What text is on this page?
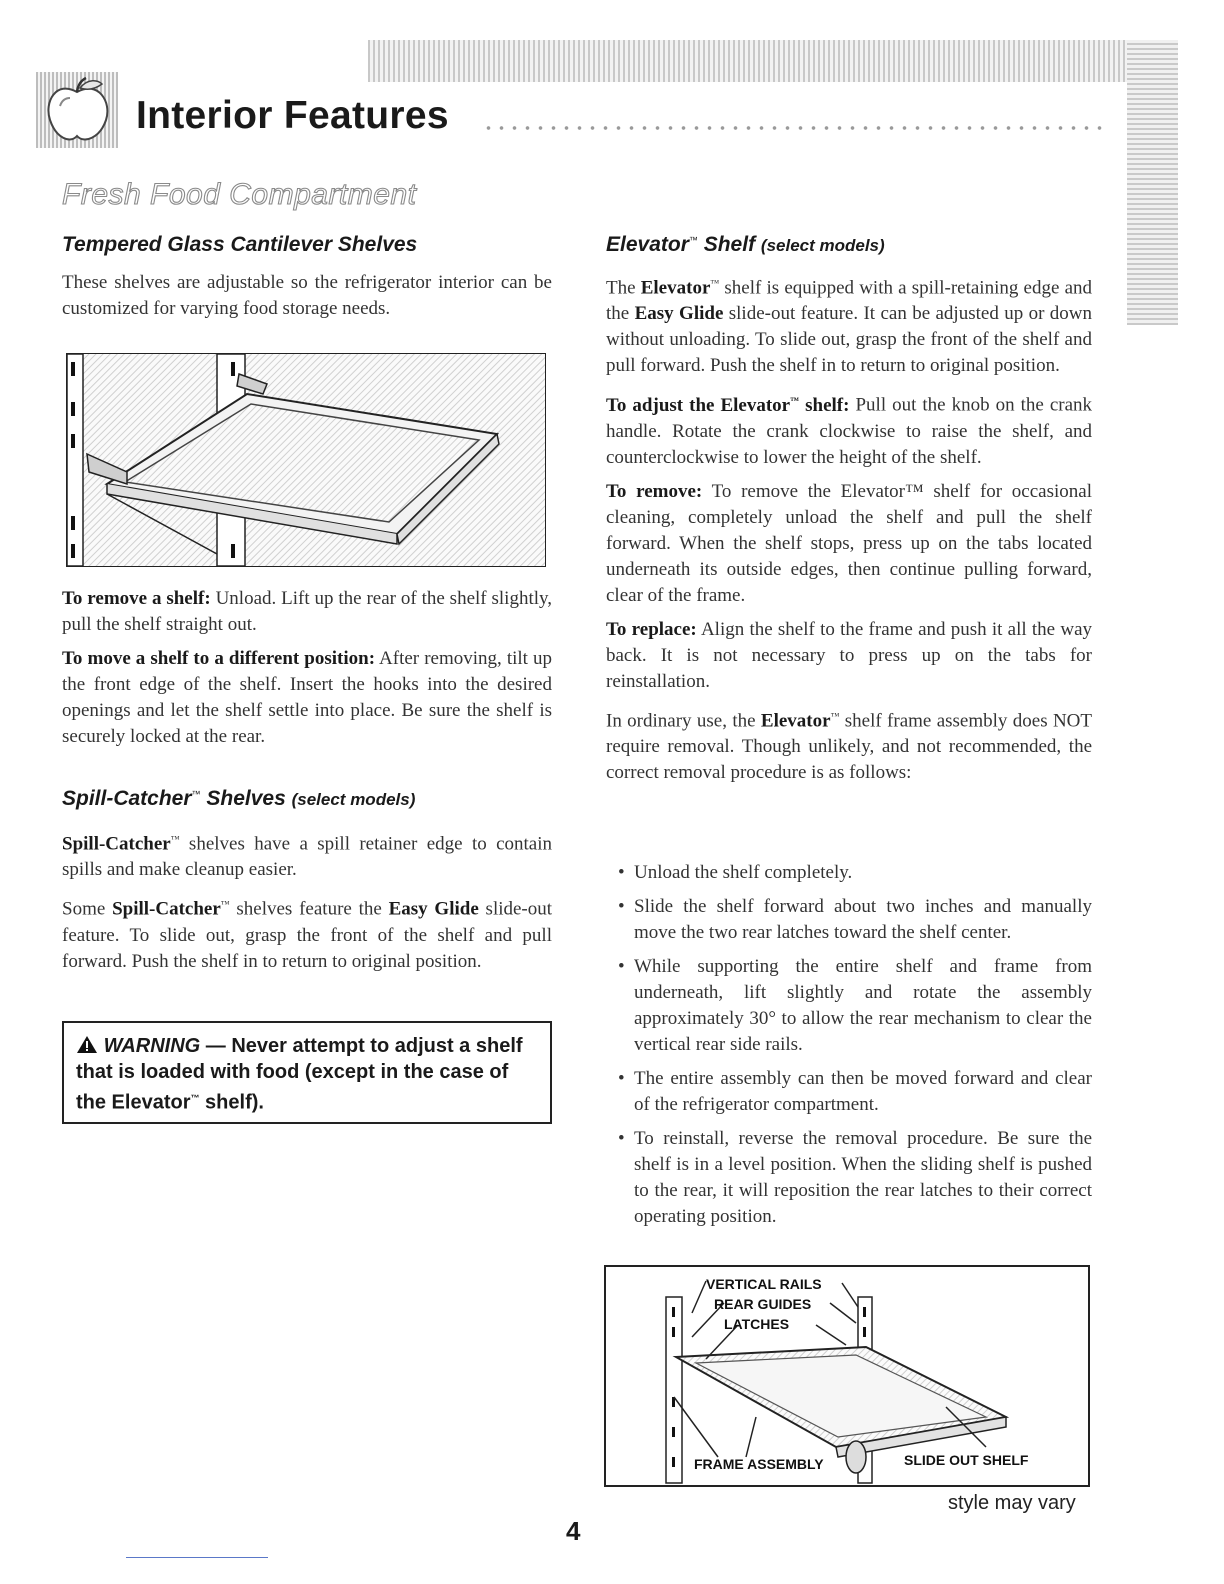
Interior Features
Fresh Food Compartment
Tempered Glass Cantilever Shelves

These shelves are adjustable so the refrigerator interior can be customized for varying food storage needs.

To remove a shelf: Unload. Lift up the rear of the shelf slightly, pull the shelf straight out.

To move a shelf to a different position: After removing, tilt up the front edge of the shelf. Insert the hooks into the desired openings and let the shelf settle into place. Be sure the shelf is securely locked at the rear.

Spill-Catcher™ Shelves (select models)

Spill-Catcher™ shelves have a spill retainer edge to contain spills and make cleanup easier.

Some Spill-Catcher™ shelves feature the Easy Glide slide-out feature. To slide out, grasp the front of the shelf and pull forward. Push the shelf in to return to original position.

WARNING — Never attempt to adjust a shelf that is loaded with food (except in the case of the Elevator™ shelf).
Elevator™ Shelf (select models)

The Elevator™ shelf is equipped with a spill-retaining edge and the Easy Glide slide-out feature. It can be adjusted up or down without unloading. To slide out, grasp the front of the shelf and pull forward. Push the shelf in to return to original position.

To adjust the Elevator™ shelf: Pull out the knob on the crank handle. Rotate the crank clockwise to raise the shelf, and counterclockwise to lower the height of the shelf.

To remove: To remove the Elevator™ shelf for occasional cleaning, completely unload the shelf and pull the shelf forward. When the shelf stops, press up on the tabs located underneath its outside edges, then continue pulling forward, clear of the frame.

To replace: Align the shelf to the frame and push it all the way back. It is not necessary to press up on the tabs for reinstallation.

In ordinary use, the Elevator™ shelf frame assembly does NOT require removal. Though unlikely, and not recommended, the correct removal procedure is as follows:

• Unload the shelf completely.

• Slide the shelf forward about two inches and manually move the two rear latches toward the shelf center.

• While supporting the entire shelf and frame from underneath, lift slightly and rotate the assembly approximately 30° to allow the rear mechanism to clear the vertical rear side rails.

• The entire assembly can then be moved forward and clear of the refrigerator compartment.

• To reinstall, reverse the removal procedure. Be sure the shelf is in a level position. When the sliding shelf is pushed to the rear, it will reposition the rear latches to their correct operating position.

VERTICAL RAILS
REAR GUIDES
LATCHES
FRAME ASSEMBLY	SLIDE OUT SHELF
style may vary
4
